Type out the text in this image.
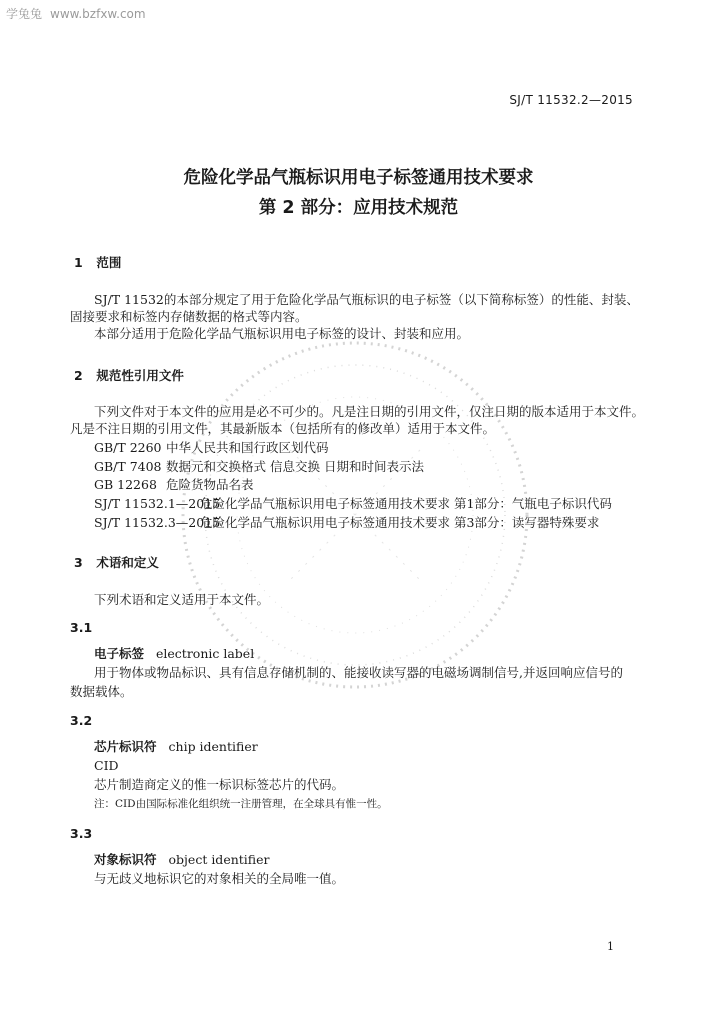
学兔兔 www.bzfxw.com
SJ/T 11532.2—2015
危险化学品气瓶标识用电子标签通用技术要求
第 2 部分：应用技术规范
1 范围
SJ/T 11532的本部分规定了用于危险化学品气瓶标识的电子标签（以下简称标签）的性能、封装、
固接要求和标签内存储数据的格式等内容。
本部分适用于危险化学品气瓶标识用电子标签的设计、封装和应用。
2 规范性引用文件
下列文件对于本文件的应用是必不可少的。凡是注日期的引用文件，仅注日期的版本适用于本文件。
凡是不注日期的引用文件，其最新版本（包括所有的修改单）适用于本文件。
GB/T 2260 中华人民共和国行政区划代码
GB/T 7408 数据元和交换格式 信息交换 日期和时间表示法
GB 12268 危险货物品名表
SJ/T 11532.1—2015危险化学品气瓶标识用电子标签通用技术要求 第1部分：气瓶电子标识代码
SJ/T 11532.3—2015危险化学品气瓶标识用电子标签通用技术要求 第3部分：读写器特殊要求
3 术语和定义
下列术语和定义适用于本文件。
3.1
电子标签 electronic label
用于物体或物品标识、具有信息存储机制的、能接收读写器的电磁场调制信号,并返回响应信号的
数据载体。
3.2
芯片标识符 chip identifier
CID
芯片制造商定义的惟一标识标签芯片的代码。
注：CID由国际标准化组织统一注册管理，在全球具有惟一性。
3.3
对象标识符 object identifier
与无歧义地标识它的对象相关的全局唯一值。
1
